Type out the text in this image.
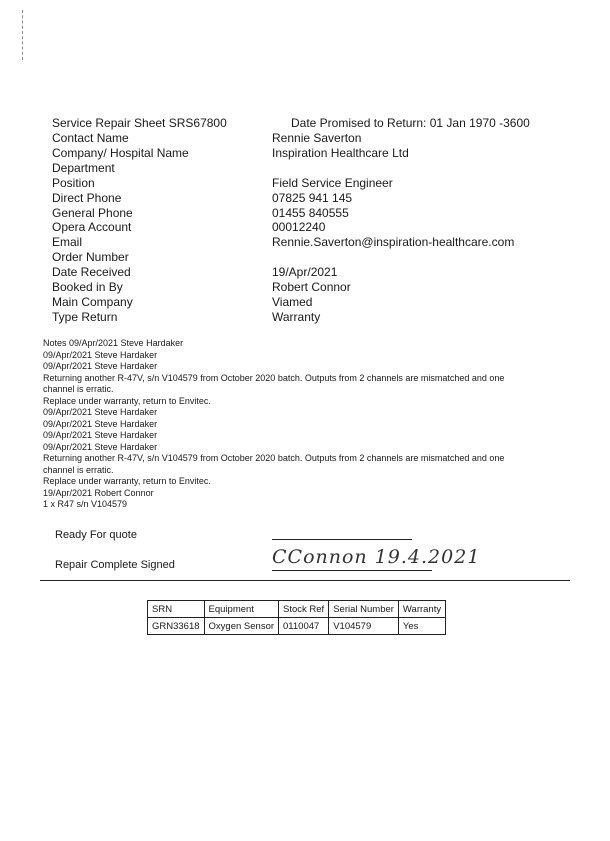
Service Repair Sheet SRS67800	Date Promised to Return: 01 Jan 1970 -3600
Contact Name	Rennie Saverton
Company/ Hospital Name	Inspiration Healthcare Ltd
Department
Position	Field Service Engineer
Direct Phone	07825 941 145
General Phone	01455 840555
Opera Account	00012240
Email	Rennie.Saverton@inspiration-healthcare.com
Order Number
Date Received	19/Apr/2021
Booked in By	Robert Connor
Main Company	Viamed
Type Return	Warranty
Notes 09/Apr/2021 Steve Hardaker
09/Apr/2021 Steve Hardaker
09/Apr/2021 Steve Hardaker
Returning another R-47V, s/n V104579 from October 2020 batch. Outputs from 2 channels are mismatched and one
channel is erratic.
Replace under warranty, return to Envitec.
09/Apr/2021 Steve Hardaker
09/Apr/2021 Steve Hardaker
09/Apr/2021 Steve Hardaker
09/Apr/2021 Steve Hardaker
Returning another R-47V, s/n V104579 from October 2020 batch. Outputs from 2 channels are mismatched and one
channel is erratic.
Replace under warranty, return to Envitec.
19/Apr/2021 Robert Connor
1 x R47 s/n V104579
Ready For quote
Repair Complete Signed	CConnon 19.4.2021
SRN	Equipment	Stock Ref	Serial Number	Warranty
GRN33618	Oxygen Sensor	0110047	V104579	Yes
